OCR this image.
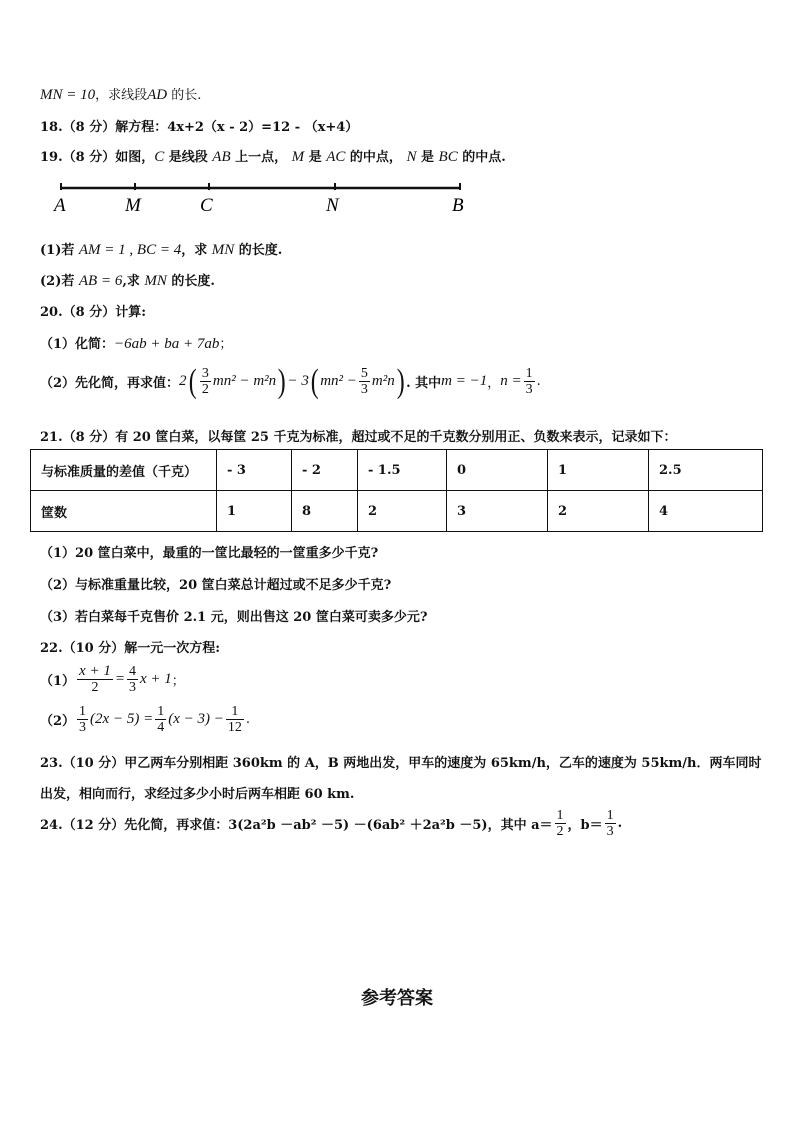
MN = 10，求线段AD 的长.
18.（8 分）解方程：4x+2（x - 2）=12 - （x+4）
19.（8 分）如图，C 是线段 AB 上一点， M 是 AC 的中点， N 是 BC 的中点.
A	M	C	N	B
(1)若 AM = 1 , BC = 4，求 MN 的长度.
(2)若 AB = 6,求 MN 的长度.
20.（8 分）计算:
（1）化简：−6ab + ba + 7ab；
（2）先化简，再求值：$2( \frac{3}{2} mn^2 - m^2n) - 3$( $mn^2 - \frac{5}{3} m^2n$) . 其中m = −1，$n = \frac{1}{3}$ .
21.（8 分）有 20 筐白菜，以每筐 25 千克为标准，超过或不足的千克数分别用正、负数来表示，记录如下：
与标准质量的差值（千克）	- 3	- 2	- 1.5	0	1	2.5
筐数	1	8	2	3	2	4
（1）20 筐白菜中，最重的一筐比最轻的一筐重多少千克?
（2）与标准重量比较，20 筐白菜总计超过或不足多少千克?
（3）若白菜每千克售价 2.1 元，则出售这 20 筐白菜可卖多少元?
22.（10 分）解一元一次方程:
$(1) \frac{x + 1}{2} = \frac{4}{3}$ x + 1；
$(2) \frac{1}{3} (2x - 5) = \frac{1}{4} (x - 3) - \frac{1}{12}$ .
23.（10 分）甲乙两车分别相距 360km 的 A，B 两地出发，甲车的速度为 65km/h，乙车的速度为 55km/h．两车同时
出发，相向而行，求经过多少小时后两车相距 60 km.
24.（12 分）先化简，再求值：3(2a²b －ab² －5) －(6ab² ＋2a²b －5)，其中 $a= \frac{1}{2}$ ，$b= \frac{1}{3}$ .
参考答案
